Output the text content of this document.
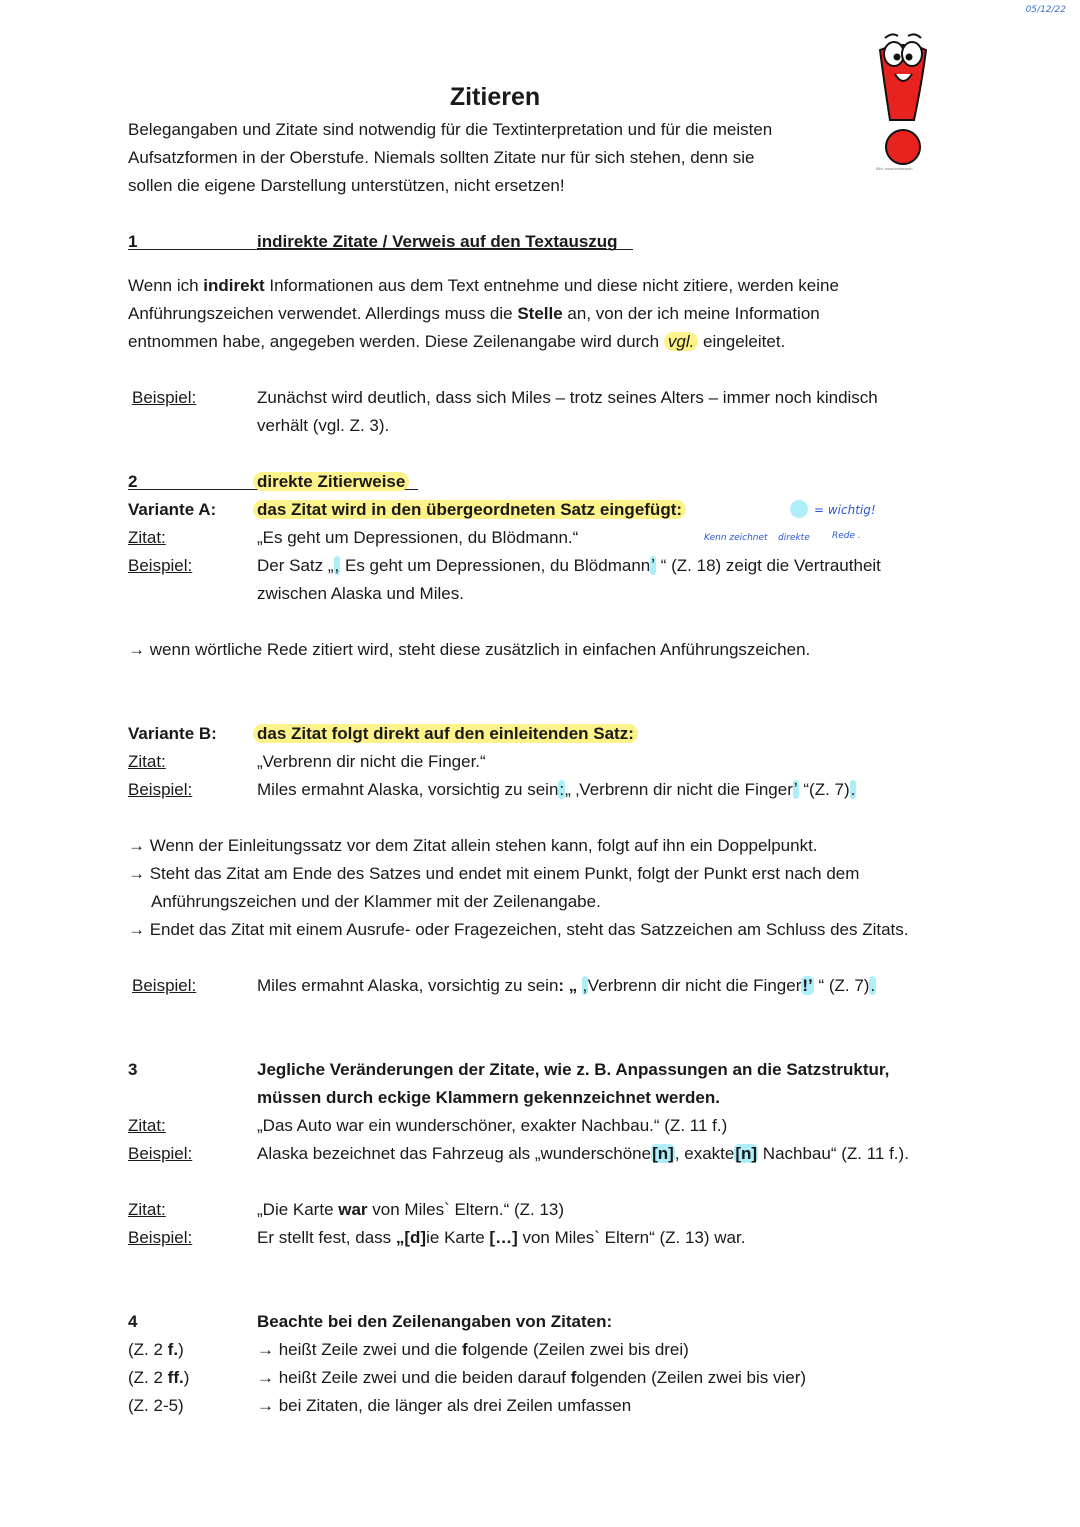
05/12/22
Bild: www.lexisearch
Zitieren
Belegangaben und Zitate sind notwendig für die Textinterpretation und für die meisten
Aufsatzformen in der Oberstufe. Niemals sollten Zitate nur für sich stehen, denn sie
sollen die eigene Darstellung unterstützen, nicht ersetzen!
1	indirekte Zitate / Verweis auf den Textauszug
Wenn ich indirekt Informationen aus dem Text entnehme und diese nicht zitiere, werden keine
Anführungszeichen verwendet. Allerdings muss die Stelle an, von der ich meine Information
entnommen habe, angegeben werden. Diese Zeilenangabe wird durch vgl. eingeleitet.
Beispiel:	Zunächst wird deutlich, dass sich Miles – trotz seines Alters – immer noch kindisch
verhält (vgl. Z. 3).
2	direkte Zitierweise
Variante A: das Zitat wird in den übergeordneten Satz eingefügt:	= wichtig!
Kenn zeichnet direkte Rede .
Zitat:	„Es geht um Depressionen, du Blödmann.“
Beispiel:	Der Satz „, Es geht um Depressionen, du Blödmannʼ “ (Z. 18) zeigt die Vertrautheit
zwischen Alaska und Miles.
→ wenn wörtliche Rede zitiert wird, steht diese zusätzlich in einfachen Anführungszeichen.
Variante B: das Zitat folgt direkt auf den einleitenden Satz:
Zitat:	„Verbrenn dir nicht die Finger.“
Beispiel:	Miles ermahnt Alaska, vorsichtig zu sein:„ ‚Verbrenn dir nicht die Fingerʼ “(Z. 7).
→ Wenn der Einleitungssatz vor dem Zitat allein stehen kann, folgt auf ihn ein Doppelpunkt.
→ Steht das Zitat am Ende des Satzes und endet mit einem Punkt, folgt der Punkt erst nach dem
Anführungszeichen und der Klammer mit der Zeilenangabe.
→ Endet das Zitat mit einem Ausrufe- oder Fragezeichen, steht das Satzzeichen am Schluss des Zitats.
Beispiel:	Miles ermahnt Alaska, vorsichtig zu sein: „ ‚Verbrenn dir nicht die Finger!ʼ “ (Z. 7).
3	Jegliche Veränderungen der Zitate, wie z. B. Anpassungen an die Satzstruktur,
müssen durch eckige Klammern gekennzeichnet werden.
Zitat:	„Das Auto war ein wunderschöner, exakter Nachbau.“ (Z. 11 f.)
Beispiel:	Alaska bezeichnet das Fahrzeug als „wunderschöne[n], exakte[n] Nachbau“ (Z. 11 f.).
Zitat:	„Die Karte war von Miles` Eltern.“ (Z. 13)
Beispiel:	Er stellt fest, dass „[d]ie Karte […] von Miles` Eltern“ (Z. 13) war.
4	Beachte bei den Zeilenangaben von Zitaten:
(Z. 2 f.)	→ heißt Zeile zwei und die folgende (Zeilen zwei bis drei)
(Z. 2 ff.)	→ heißt Zeile zwei und die beiden darauf folgenden (Zeilen zwei bis vier)
(Z. 2-5)	→ bei Zitaten, die länger als drei Zeilen umfassen
